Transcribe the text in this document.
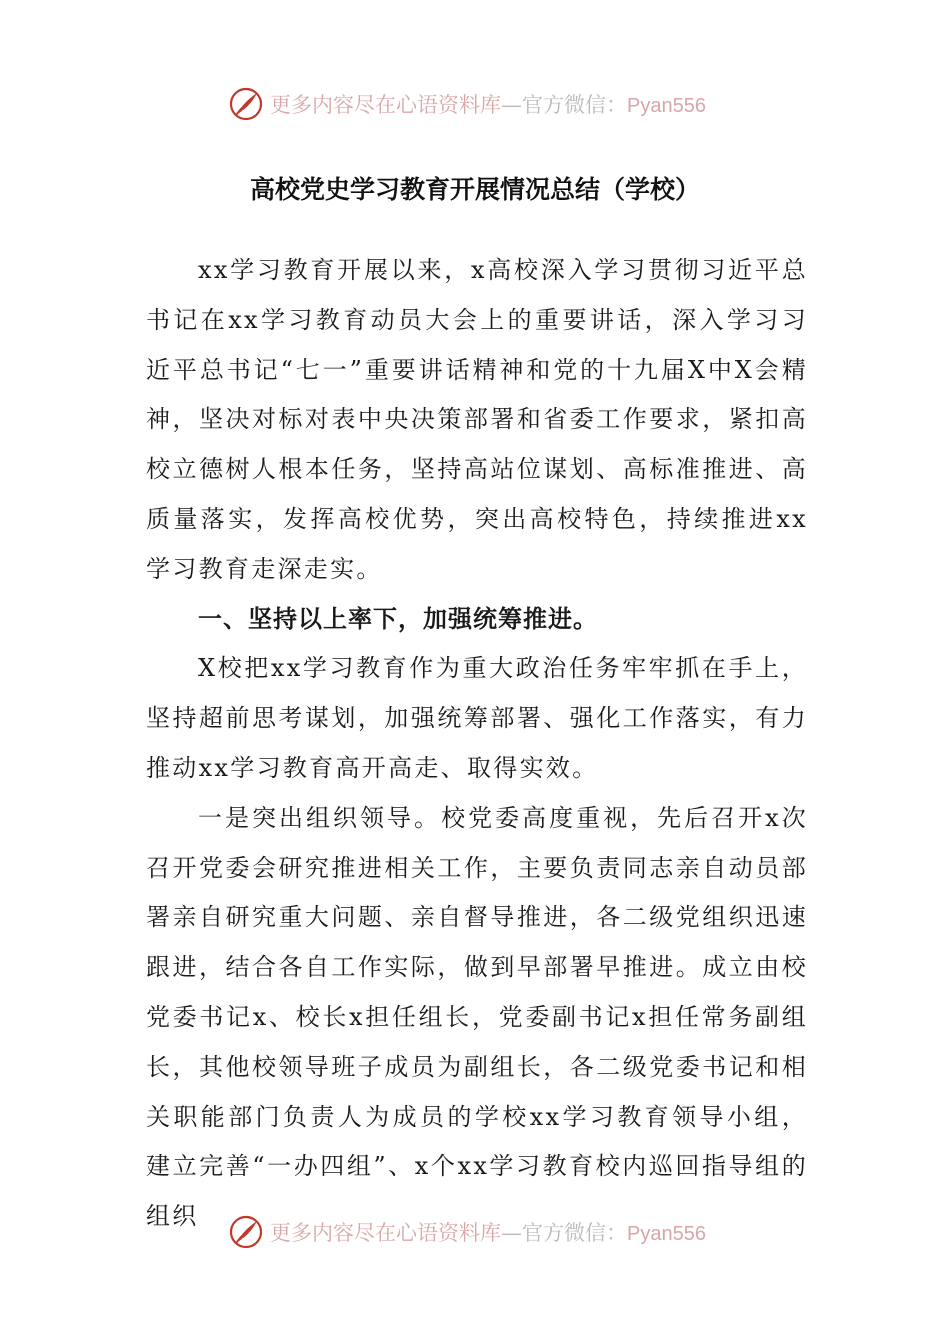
更多内容尽在心语资料库—官方微信：Pyan556
高校党史学习教育开展情况总结（学校）

xx学习教育开展以来，x高校深入学习贯彻习近平总书记在xx学习教育动员大会上的重要讲话，深入学习习近平总书记“七一”重要讲话精神和党的十九届X中X会精神，坚决对标对表中央决策部署和省委工作要求，紧扣高校立德树人根本任务，坚持高站位谋划、高标准推进、高质量落实，发挥高校优势，突出高校特色，持续推进xx学习教育走深走实。

一、坚持以上率下，加强统筹推进。

X校把xx学习教育作为重大政治任务牢牢抓在手上，坚持超前思考谋划，加强统筹部署、强化工作落实，有力推动xx学习教育高开高走、取得实效。

一是突出组织领导。校党委高度重视，先后召开x次召开党委会研究推进相关工作，主要负责同志亲自动员部署亲自研究重大问题、亲自督导推进，各二级党组织迅速跟进，结合各自工作实际，做到早部署早推进。成立由校党委书记x、校长x担任组长，党委副书记x担任常务副组长，其他校领导班子成员为副组长，各二级党委书记和相关职能部门负责人为成员的学校xx学习教育领导小组，建立完善“一办四组”、x个xx学习教育校内巡回指导组的组织

更多内容尽在心语资料库—官方微信：Pyan556
